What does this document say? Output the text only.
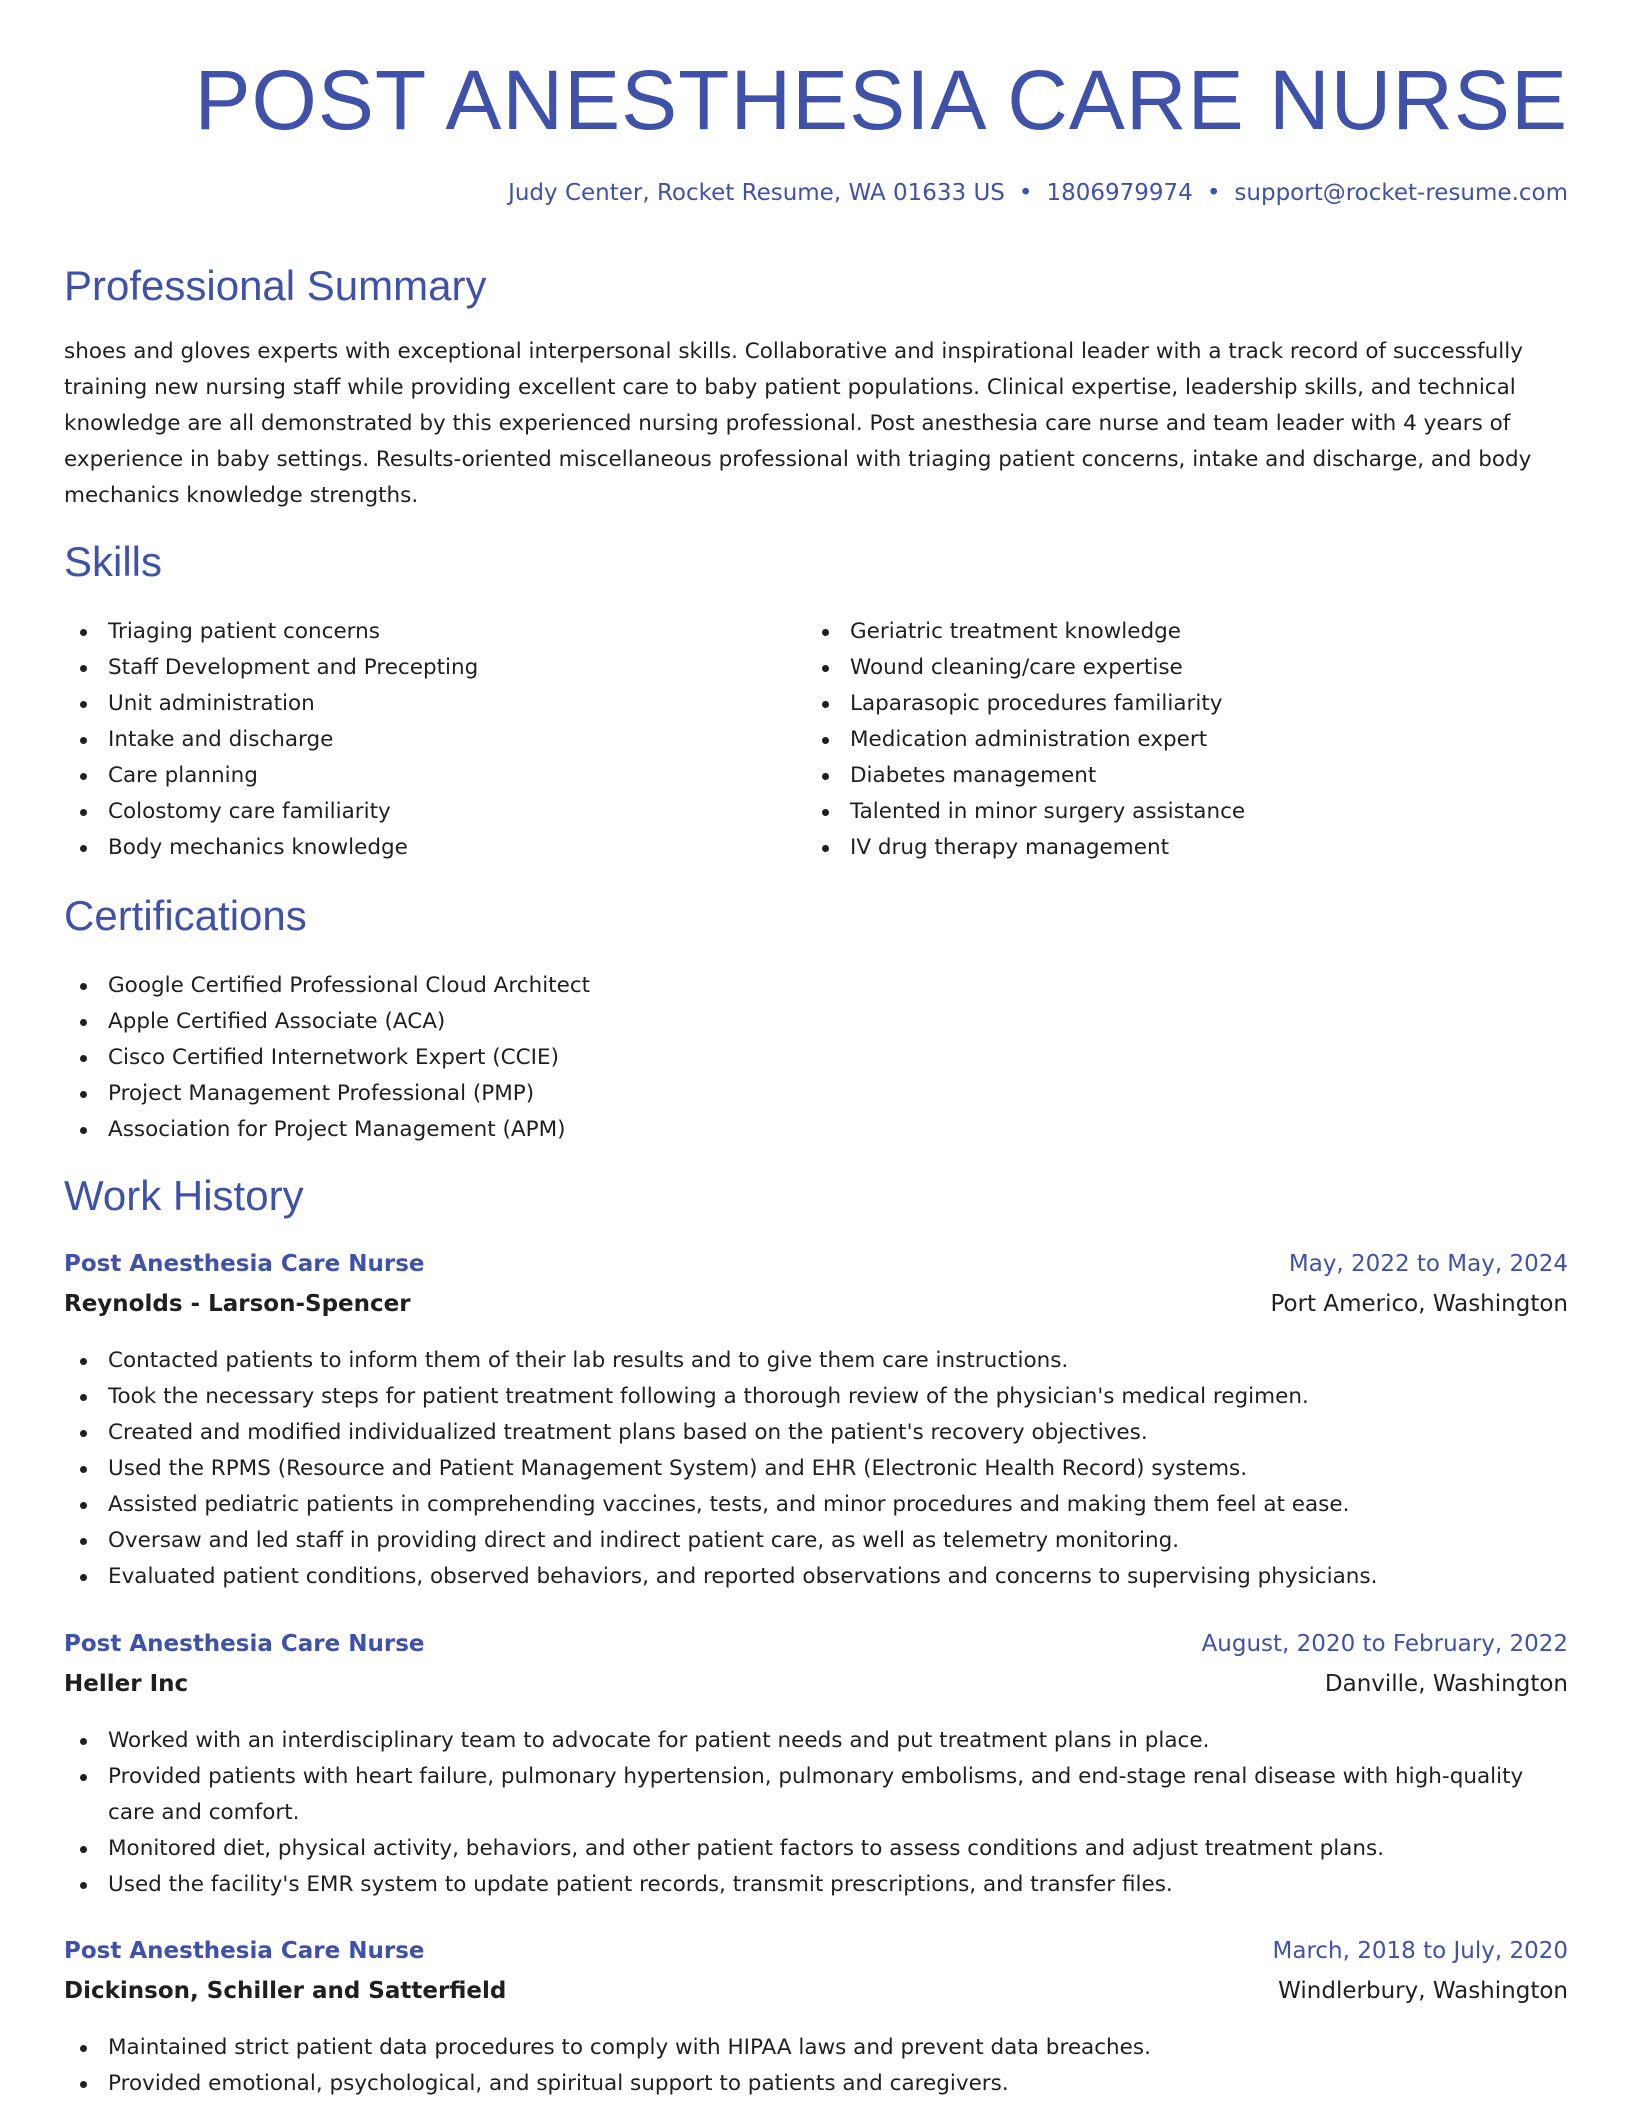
POST ANESTHESIA CARE NURSE
Judy Center, Rocket Resume, WA 01633 US • 1806979974 • support@rocket-resume.com
Professional Summary

shoes and gloves experts with exceptional interpersonal skills. Collaborative and inspirational leader with a track record of successfully training new nursing staff while providing excellent care to baby patient populations. Clinical expertise, leadership skills, and technical knowledge are all demonstrated by this experienced nursing professional. Post anesthesia care nurse and team leader with 4 years of experience in baby settings. Results-oriented miscellaneous professional with triaging patient concerns, intake and discharge, and body mechanics knowledge strengths.

Skills
Triaging patient concerns
Staff Development and Precepting
Unit administration
Intake and discharge
Care planning
Colostomy care familiarity
Body mechanics knowledge
Geriatric treatment knowledge
Wound cleaning/care expertise
Laparasopic procedures familiarity
Medication administration expert
Diabetes management
Talented in minor surgery assistance
IV drug therapy management
Certifications
Google Certified Professional Cloud Architect
Apple Certified Associate (ACA)
Cisco Certified Internetwork Expert (CCIE)
Project Management Professional (PMP)
Association for Project Management (APM)
Work History
Post Anesthesia Care Nurse	May, 2022 to May, 2024
Reynolds - Larson-Spencer	Port Americo, Washington
Contacted patients to inform them of their lab results and to give them care instructions.
Took the necessary steps for patient treatment following a thorough review of the physician's medical regimen.
Created and modified individualized treatment plans based on the patient's recovery objectives.
Used the RPMS (Resource and Patient Management System) and EHR (Electronic Health Record) systems.
Assisted pediatric patients in comprehending vaccines, tests, and minor procedures and making them feel at ease.
Oversaw and led staff in providing direct and indirect patient care, as well as telemetry monitoring.
Evaluated patient conditions, observed behaviors, and reported observations and concerns to supervising physicians.
Post Anesthesia Care Nurse	August, 2020 to February, 2022
Heller Inc	Danville, Washington
Worked with an interdisciplinary team to advocate for patient needs and put treatment plans in place.
Provided patients with heart failure, pulmonary hypertension, pulmonary embolisms, and end-stage renal disease with high-quality care and comfort.
Monitored diet, physical activity, behaviors, and other patient factors to assess conditions and adjust treatment plans.
Used the facility's EMR system to update patient records, transmit prescriptions, and transfer files.
Post Anesthesia Care Nurse	March, 2018 to July, 2020
Dickinson, Schiller and Satterfield	Windlerbury, Washington
Maintained strict patient data procedures to comply with HIPAA laws and prevent data breaches.
Provided emotional, psychological, and spiritual support to patients and caregivers.
